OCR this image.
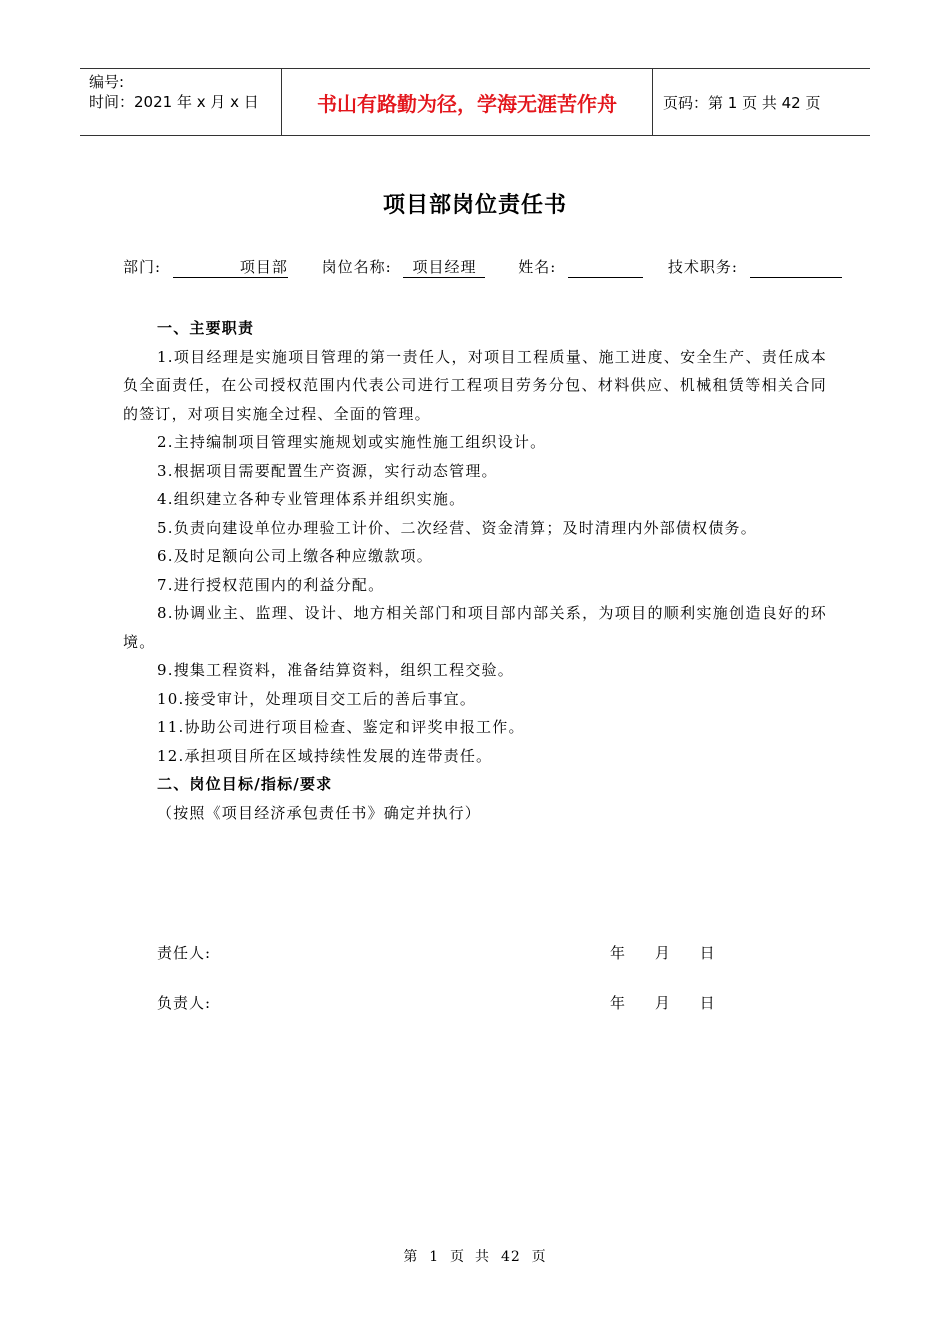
编号:
时间：2021 年 x 月 x 日	书山有路勤为径，学海无涯苦作舟	页码：第 1 页 共 42 页
项目部岗位责任书
部门:	项目部 岗位名称: 项目经理	姓名:	技术职务:

一、主要职责

1.项目经理是实施项目管理的第一责任人，对项目工程质量、施工进度、安全生产、责任成本负全面责任，在公司授权范围内代表公司进行工程项目劳务分包、材料供应、机械租赁等相关合同的签订，对项目实施全过程、全面的管理。

2.主持编制项目管理实施规划或实施性施工组织设计。

3.根据项目需要配置生产资源，实行动态管理。

4.组织建立各种专业管理体系并组织实施。

5.负责向建设单位办理验工计价、二次经营、资金清算；及时清理内外部债权债务。

6.及时足额向公司上缴各种应缴款项。

7.进行授权范围内的利益分配。

8.协调业主、监理、设计、地方相关部门和项目部内部关系，为项目的顺利实施创造良好的环境。

9.搜集工程资料，准备结算资料，组织工程交验。

10.接受审计，处理项目交工后的善后事宜。

11.协助公司进行项目检查、鉴定和评奖申报工作。

12.承担项目所在区域持续性发展的连带责任。

二、岗位目标/指标/要求

（按照《项目经济承包责任书》确定并执行）

责任人:	年     月     日
负责人:	年     月     日
第  1  页 共  42  页
